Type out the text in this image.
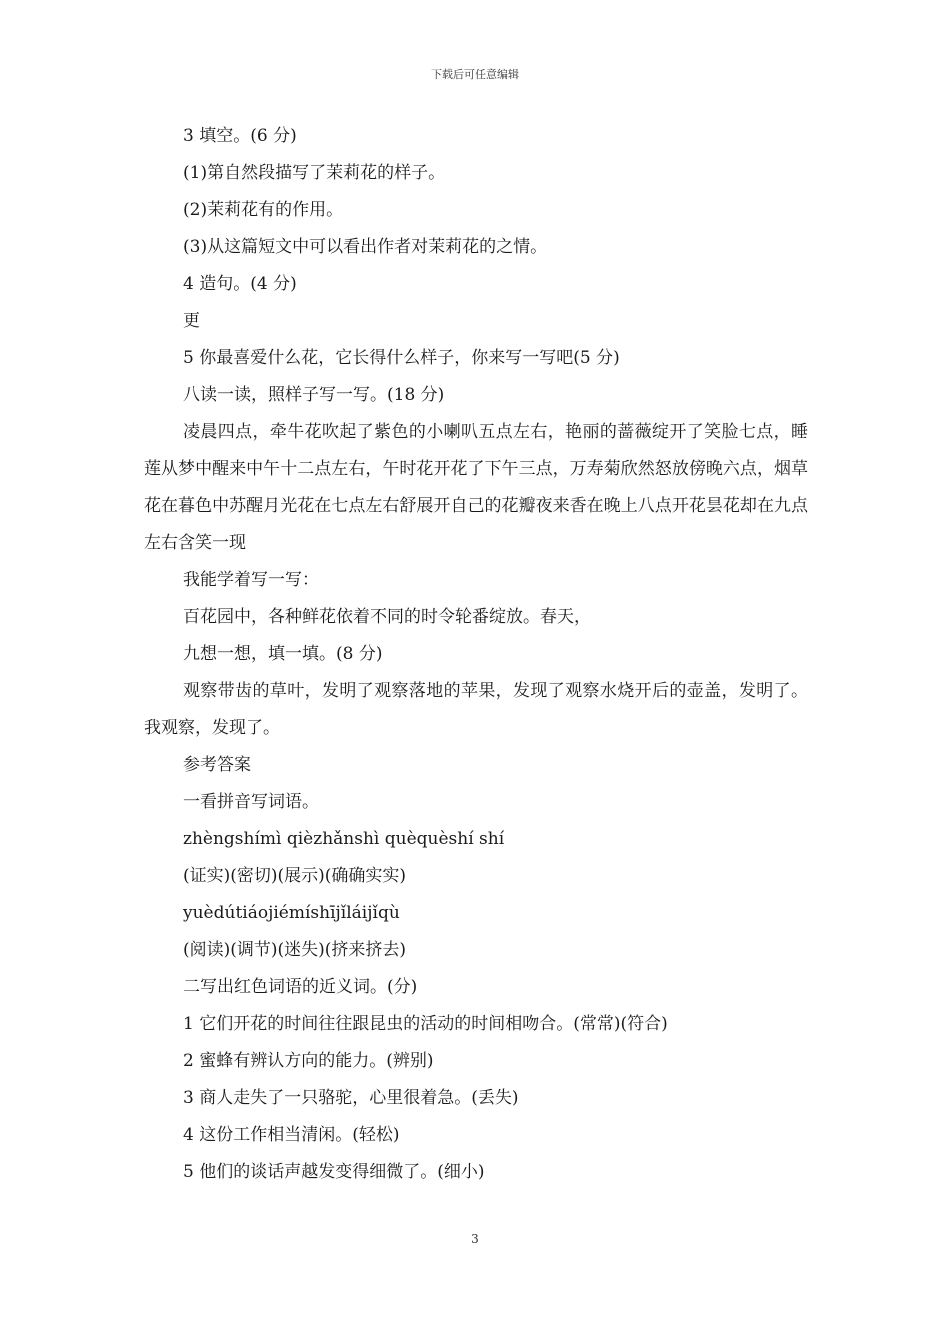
下载后可任意编辑

3 填空。(6 分)

(1)第自然段描写了茉莉花的样子。

(2)茉莉花有的作用。

(3)从这篇短文中可以看出作者对茉莉花的之情。

4 造句。(4 分)

更

5 你最喜爱什么花，它长得什么样子，你来写一写吧(5 分)

八读一读，照样子写一写。(18 分)

凌晨四点，牵牛花吹起了紫色的小喇叭五点左右，艳丽的蔷薇绽开了笑脸七点，睡莲从梦中醒来中午十二点左右，午时花开花了下午三点，万寿菊欣然怒放傍晚六点，烟草花在暮色中苏醒月光花在七点左右舒展开自己的花瓣夜来香在晚上八点开花昙花却在九点左右含笑一现

我能学着写一写：

百花园中，各种鲜花依着不同的时令轮番绽放。春天，

九想一想，填一填。(8 分)

观察带齿的草叶，发明了观察落地的苹果，发现了观察水烧开后的壶盖，发明了。我观察，发现了。

参考答案

一看拼音写词语。

zhèngshímì qièzhǎnshì quèquèshí shí

(证实)(密切)(展示)(确确实实)

yuèdútiáojiémíshījǐláijǐqù

(阅读)(调节)(迷失)(挤来挤去)

二写出红色词语的近义词。(分)

1 它们开花的时间往往跟昆虫的活动的时间相吻合。(常常)(符合)

2 蜜蜂有辨认方向的能力。(辨别)

3 商人走失了一只骆驼，心里很着急。(丢失)

4 这份工作相当清闲。(轻松)

5 他们的谈话声越发变得细微了。(细小)

3
